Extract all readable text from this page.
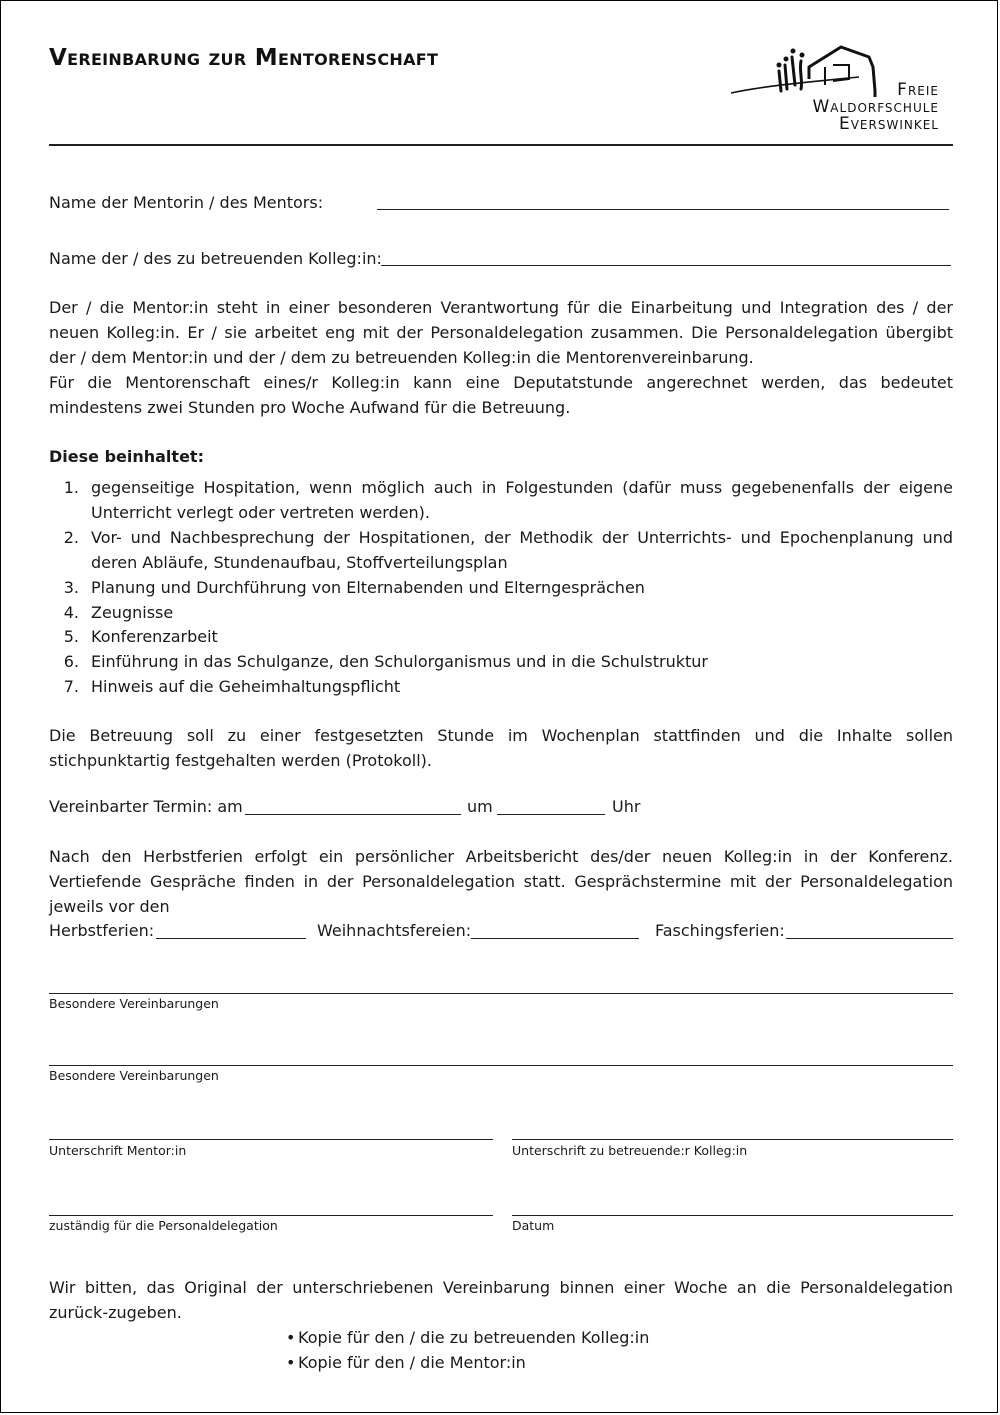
Vereinbarung zur Mentorenschaft
Freie
Waldorfschule
Everswinkel
Name der Mentorin / des Mentors:
Name der / des zu betreuenden Kolleg:in:
Der / die Mentor:in steht in einer besonderen Verantwortung für die Einarbeitung und Integration des / der neuen Kolleg:in. Er / sie arbeitet eng mit der Personaldelegation zusammen. Die Personaldelegation übergibt der / dem Mentor:in und der / dem zu betreuenden Kolleg:in die Mentorenvereinbarung.
Für die Mentorenschaft eines/r Kolleg:in kann eine Deputatstunde angerechnet werden, das bedeutet mindestens zwei Stunden pro Woche Aufwand für die Betreuung.
Diese beinhaltet:
1. gegenseitige Hospitation, wenn möglich auch in Folgestunden (dafür muss gegebenenfalls der eigene Unterricht verlegt oder vertreten werden).
2. Vor- und Nachbesprechung der Hospitationen, der Methodik der Unterrichts- und Epochenplanung und deren Abläufe, Stundenaufbau, Stoffverteilungsplan
3. Planung und Durchführung von Elternabenden und Elterngesprächen
4. Zeugnisse
5. Konferenzarbeit
6. Einführung in das Schulganze, den Schulorganismus und in die Schulstruktur
7. Hinweis auf die Geheimhaltungspflicht
Die Betreuung soll zu einer festgesetzten Stunde im Wochenplan stattfinden und die Inhalte sollen stichpunktartig festgehalten werden (Protokoll).
Vereinbarter Termin: am	um	Uhr
Nach den Herbstferien erfolgt ein persönlicher Arbeitsbericht des/der neuen Kolleg:in in der Konferenz. Vertiefende Gespräche finden in der Personaldelegation statt. Gesprächstermine mit der Personaldelegation jeweils vor den
Herbstferien:	Weihnachtsfereien:	Faschingsferien:
Besondere Vereinbarungen
Besondere Vereinbarungen
Unterschrift Mentor:in	Unterschrift zu betreuende:r Kolleg:in
zuständig für die Personaldelegation	Datum
Wir bitten, das Original der unterschriebenen Vereinbarung binnen einer Woche an die Personaldelegation zurück-zugeben.
• Kopie für den / die zu betreuenden Kolleg:in
• Kopie für den / die Mentor:in
